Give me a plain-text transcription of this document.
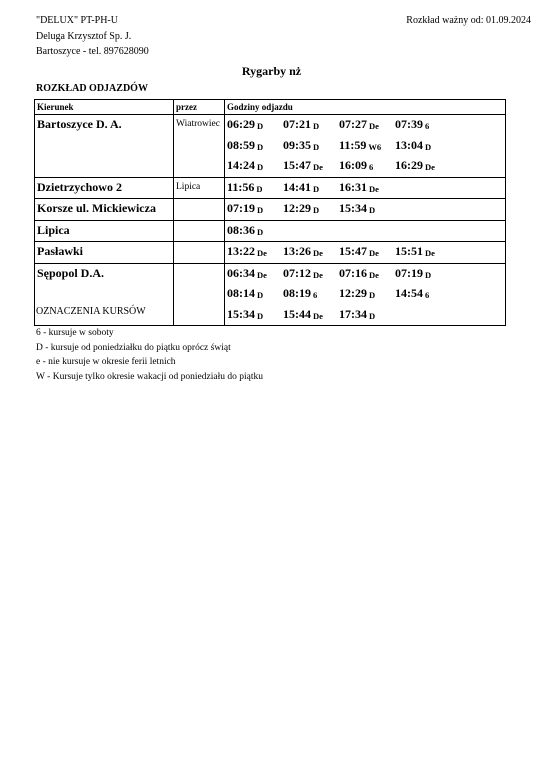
"DELUX" PT-PH-U
Deluga Krzysztof Sp. J.
Bartoszyce - tel. 897628090
Rozkład ważny od: 01.09.2024
Rygarby nż
ROZKŁAD ODJAZDÓW
Kierunek	przez	Godziny odjazdu
Bartoszyce D. A.	Wiatrowiec	06:29 $_D$ 07:21 $_D$ 07:27 $_{De}$ 07:39 $_6$08:59 $_D$ 09:35 $_D$ 11:59 $_{W6}$ 13:04 $_D$14:24 $_D$ 15:47 $_{De}$ 16:09 $_6$ 16:29 $_{De}$
Dzietrzychowo 2	Lipica	11:56 $_D$ 14:41 $_D$ 16:31 $_{De}$
Korsze ul. Mickiewicza		07:19 $_D$ 12:29 $_D$ 15:34 $_D$
Lipica		08:36 $_D$
Pasławki		13:22 $_{De}$ 13:26 $_{De}$ 15:47 $_{De}$ 15:51 $_{De}$
Sępopol D.A.		06:34 $_{De}$ 07:12 $_{De}$ 07:16 $_{De}$ 07:19 $_D$08:14 $_D$ 08:19 $_6$ 12:29 $_D$ 14:54 $_6$15:34 $_D$ 15:44 $_{De}$ 17:34 $_D$
OZNACZENIA KURSÓW
6 - kursuje w soboty
D - kursuje od poniedziałku do piątku oprócz świąt
e - nie kursuje w okresie ferii letnich
W - Kursuje tylko okresie wakacji od poniedziału do piątku
